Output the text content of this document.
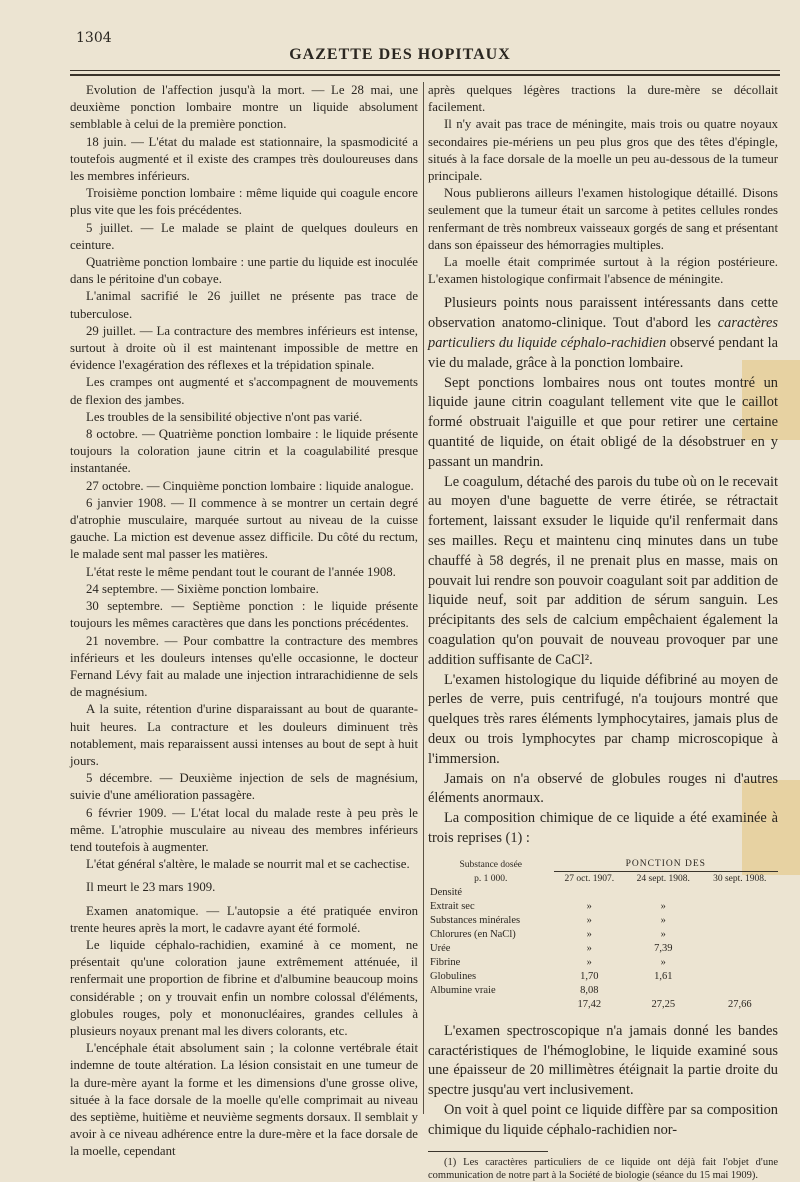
1304
GAZETTE DES HOPITAUX

Evolution de l'affection jusqu'à la mort. — Le 28 mai, une deuxième ponction lombaire montre un liquide absolument semblable à celui de la première ponction.

18 juin. — L'état du malade est stationnaire, la spasmodicité a toutefois augmenté et il existe des crampes très douloureuses dans les membres inférieurs.

Troisième ponction lombaire : même liquide qui coagule encore plus vite que les fois précédentes.

5 juillet. — Le malade se plaint de quelques douleurs en ceinture.

Quatrième ponction lombaire : une partie du liquide est inoculée dans le péritoine d'un cobaye.

L'animal sacrifié le 26 juillet ne présente pas trace de tuberculose.

29 juillet. — La contracture des membres inférieurs est intense, surtout à droite où il est maintenant impossible de mettre en évidence l'exagération des réflexes et la trépidation spinale.

Les crampes ont augmenté et s'accompagnent de mouvements de flexion des jambes.

Les troubles de la sensibilité objective n'ont pas varié.

8 octobre. — Quatrième ponction lombaire : le liquide présente toujours la coloration jaune citrin et la coagulabilité presque instantanée.

27 octobre. — Cinquième ponction lombaire : liquide analogue.

6 janvier 1908. — Il commence à se montrer un certain degré d'atrophie musculaire, marquée surtout au niveau de la cuisse gauche. La miction est devenue assez difficile. Du côté du rectum, le malade sent mal passer les matières.

L'état reste le même pendant tout le courant de l'année 1908.

24 septembre. — Sixième ponction lombaire.

30 septembre. — Septième ponction : le liquide présente toujours les mêmes caractères que dans les ponctions précédentes.

21 novembre. — Pour combattre la contracture des membres inférieurs et les douleurs intenses qu'elle occasionne, le docteur Fernand Lévy fait au malade une injection intrarachidienne de sels de magnésium.

A la suite, rétention d'urine disparaissant au bout de quarante-huit heures. La contracture et les douleurs diminuent très notablement, mais reparaissent aussi intenses au bout de sept à huit jours.

5 décembre. — Deuxième injection de sels de magnésium, suivie d'une amélioration passagère.

6 février 1909. — L'état local du malade reste à peu près le même. L'atrophie musculaire au niveau des membres inférieurs tend toutefois à augmenter.

L'état général s'altère, le malade se nourrit mal et se cachectise.

Il meurt le 23 mars 1909.

Examen anatomique. — L'autopsie a été pratiquée environ trente heures après la mort, le cadavre ayant été formolé.

Le liquide céphalo-rachidien, examiné à ce moment, ne présentait qu'une coloration jaune extrêmement atténuée, il renfermait une proportion de fibrine et d'albumine beaucoup moins considérable ; on y trouvait enfin un nombre colossal d'éléments, globules rouges, poly et mononucléaires, grandes cellules à plusieurs noyaux prenant mal les divers colorants, etc.

L'encéphale était absolument sain ; la colonne vertébrale était indemne de toute altération. La lésion consistait en une tumeur de la dure-mère ayant la forme et les dimensions d'une grosse olive, située à la face dorsale de la moelle qu'elle comprimait au niveau des septième, huitième et neuvième segments dorsaux. Il semblait y avoir à ce niveau adhérence entre la dure-mère et la face dorsale de la moelle, cependant

après quelques légères tractions la dure-mère se décollait facilement.

Il n'y avait pas trace de méningite, mais trois ou quatre noyaux secondaires pie-mériens un peu plus gros que des têtes d'épingle, situés à la face dorsale de la moelle un peu au-dessous de la tumeur principale.

Nous publierons ailleurs l'examen histologique détaillé. Disons seulement que la tumeur était un sarcome à petites cellules rondes renfermant de très nombreux vaisseaux gorgés de sang et présentant dans son épaisseur des hémorragies multiples.

La moelle était comprimée surtout à la région postérieure. L'examen histologique confirmait l'absence de méningite.

Plusieurs points nous paraissent intéressants dans cette observation anatomo-clinique. Tout d'abord les caractères particuliers du liquide céphalo-rachidien observé pendant la vie du malade, grâce à la ponction lombaire.

Sept ponctions lombaires nous ont toutes montré un liquide jaune citrin coagulant tellement vite que le caillot formé obstruait l'aiguille et que pour retirer une certaine quantité de liquide, on était obligé de la désobstruer en y passant un mandrin.

Le coagulum, détaché des parois du tube où on le recevait au moyen d'une baguette de verre étirée, se rétractait fortement, laissant exsuder le liquide qu'il renfermait dans ses mailles. Reçu et maintenu cinq minutes dans un tube chauffé à 58 degrés, il ne prenait plus en masse, mais on pouvait lui rendre son pouvoir coagulant soit par addition de liquide neuf, soit par addition de sérum sanguin. Les précipitants des sels de calcium empêchaient également la coagulation qu'on pouvait de nouveau provoquer par une addition suffisante de CaCl².

L'examen histologique du liquide défibriné au moyen de perles de verre, puis centrifugé, n'a toujours montré que quelques très rares éléments lymphocytaires, jamais plus de deux ou trois lymphocytes par champ microscopique à l'immersion.

Jamais on n'a observé de globules rouges ni d'autres éléments anormaux.

La composition chimique de ce liquide a été examinée à trois reprises (1) :

Substance dosée
p. 1 000.	PONCTION DES		
	27 oct. 1907.	24 sept. 1908.	30 sept. 1908.
Densité			
Extrait sec	»	»	
Substances minérales	»	»	
Chlorures (en NaCl)	»	»	
Urée	»	7,39	
Fibrine	»	»	
Globulines	1,70	1,61	
Albumine vraie	8,08		
	17,42	27,25	27,66

L'examen spectroscopique n'a jamais donné les bandes caractéristiques de l'hémoglobine, le liquide examiné sous une épaisseur de 20 millimètres étéignait la partie droite du spectre jusqu'au vert inclusivement.

On voit à quel point ce liquide diffère par sa composition chimique du liquide céphalo-rachidien nor-

(1) Les caractères particuliers de ce liquide ont déjà fait l'objet d'une communication de notre part à la Société de biologie (séance du 15 mai 1909).
